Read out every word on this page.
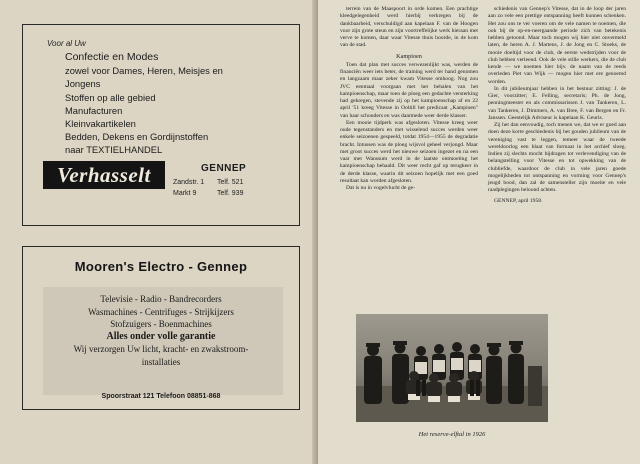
Voor al Uw
Confectie en Modes
zowel voor Dames, Heren, Meisjes en
Jongens
Stoffen op alle gebied
Manufacturen
Kleinvakartikelen
Bedden, Dekens en Gordijnstoffen
naar TEXTIELHANDEL
Verhasselt	GENNEP
Zandstr. 1 Telf. 521
Markt 9	Telf. 939
Mooren's Electro - Gennep
Televisie - Radio - Bandrecorders
Wasmachines - Centrifuges - Strijkijzers
Stofzuigers - Boenmachines
Alles onder volle garantie
Wij verzorgen Uw licht, kracht- en zwakstroom-
installaties
Spoorstraat 121 Telefoon 08851-868

terrein van de Maaspoort in orde komen. Een prachtige kleedgelegenheid werd hierbij verkregen bij de dankbaarheid, verschuldigd aan kapelaan F. van de Hoogen voor zijn grote steun en zijn voortreffelijke werk hieraan met verve te komen, daar waar Vitesse thuis hoorde, in de kom van de stad.

Kampioen

Toen dat plan met succes verwezenlijkt was, werden de financiën weer iets beter, de training werd ter hand genomen en langzaam maar zeker kwam Vitesse omhoog. Nog zou JVC eenmaal voorgaan met het behalen van het kampioenschap, maar toen de ploeg een gedachte versterking had gekregen, stevende zij op het kampioenschap af en 22 april '51 kreeg Vitesse in Ooltill het predicaat „Kampioen" van haar schouders en was daarmede weer derde klasser.

Een mooie tijdperk was afgesloten. Vitesse kreeg weer oude tegenstanders en met wisselend succes werden weer enkele seizoenen gespeeld, totdat 1954—1955 de degradatie bracht. Intussen was de ploeg wijsvol geheel verjongd. Maar met groot succes werd het nieuwe seizoen ingezet en na een vaar met Wanssum werd in de laatste ontmoeting het kampioenschap behaald. Dit weer recht gaf op terugkeer in de derde klasse, waarin dit seizoen hopelijk met een goed resultaat kan worden afgesloten.

Dat is nu in vogelvlucht de ge-

schiedenis van Gennep's Vitesse, dat in de loop der jaren aan zo vele een prettige ontspanning heeft kunnen schenken. Het zou ons te ver voeren om de vele namen te noemen, die ook bij de op-en-neergaande periode zich van betekenis hebben getoond. Maar toch mogen wij hier niet onvermeld laten, de heren A. J. Martens, J. de Jong en C. Stoeks, de mooie doeltijd voor de club, de eerste wedstrijden voor de club hebben verleend. Ook de vele stille werkers, die de club kende — we noemen hier bijv. de naam van de reeds overleden Piet van Wijk — mogen hier met ere genoemd worden.

In dit jubileumjaar hebben in het bestuur zitting: J. de Gier, voorzitter; E. Felling, secretaris; Ph. de Jong, penningmeester en als commissarissen J. van Tankeren, L. van Tankeren, J. Dimmers, A. van Bree, F. van Bergen en Fr. Janssen. Geestelijk Adviseur is kapelaan K. Geuris.

Zij het dan eenvoudig, toch menen we, dat we er goed aan doen deze korte geschiedenis bij het gouden jubileum van de vereniging vast te leggen, temeer waar de tweede wereldoorlog een blaat van formaat in het archief sloeg. Indien zij slechts mocht bijdragen tot verlevendiging van de belangstelling voor Vitesse en tot opwekking van de clubliefde, waardoor de club in vele jaren goede mogelijkheden tot ontspanning en vorming voor Gennep's jeugd bood, dan zal de samensteller zijn moeite en vele raadplegingen beloond achten.

GENNEP, april 1958.

Het reserve-elftal in 1926
